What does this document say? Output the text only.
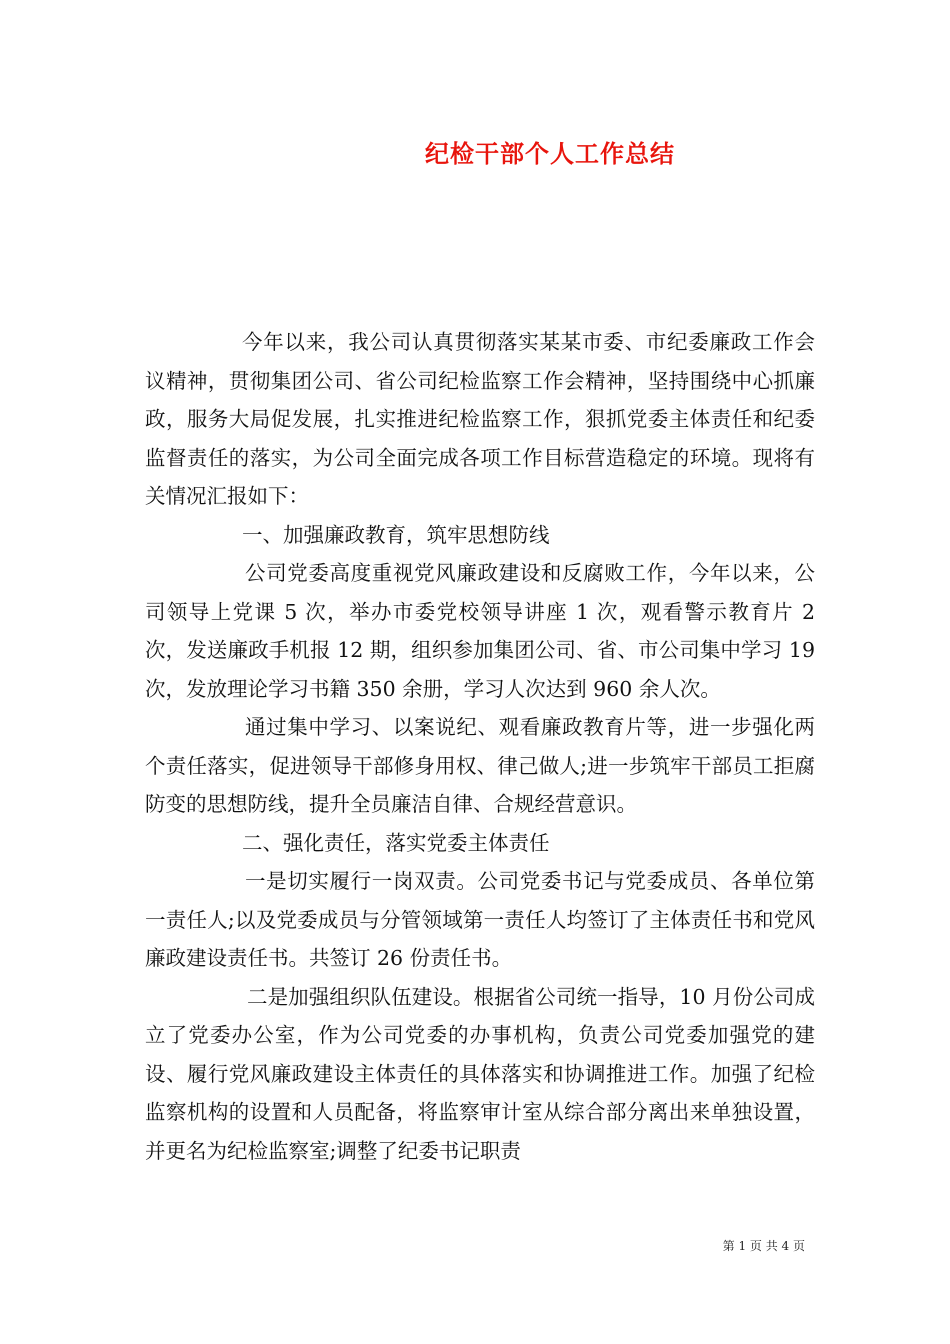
纪检干部个人工作总结

今年以来，我公司认真贯彻落实某某市委、市纪委廉政工作会议精神，贯彻集团公司、省公司纪检监察工作会精神，坚持围绕中心抓廉政，服务大局促发展，扎实推进纪检监察工作，狠抓党委主体责任和纪委监督责任的落实，为公司全面完成各项工作目标营造稳定的环境。现将有关情况汇报如下：

一、加强廉政教育，筑牢思想防线

公司党委高度重视党风廉政建设和反腐败工作，今年以来，公司领导上党课 5 次，举办市委党校领导讲座 1 次，观看警示教育片 2 次，发送廉政手机报 12 期，组织参加集团公司、省、市公司集中学习 19 次，发放理论学习书籍 350 余册，学习人次达到 960 余人次。

通过集中学习、以案说纪、观看廉政教育片等，进一步强化两个责任落实，促进领导干部修身用权、律己做人;进一步筑牢干部员工拒腐防变的思想防线，提升全员廉洁自律、合规经营意识。

二、强化责任，落实党委主体责任

一是切实履行一岗双责。公司党委书记与党委成员、各单位第一责任人;以及党委成员与分管领域第一责任人均签订了主体责任书和党风廉政建设责任书。共签订 26 份责任书。

二是加强组织队伍建设。根据省公司统一指导，10 月份公司成立了党委办公室，作为公司党委的办事机构，负责公司党委加强党的建设、履行党风廉政建设主体责任的具体落实和协调推进工作。加强了纪检监察机构的设置和人员配备，将监察审计室从综合部分离出来单独设置，并更名为纪检监察室;调整了纪委书记职责

第 1 页 共 4 页
